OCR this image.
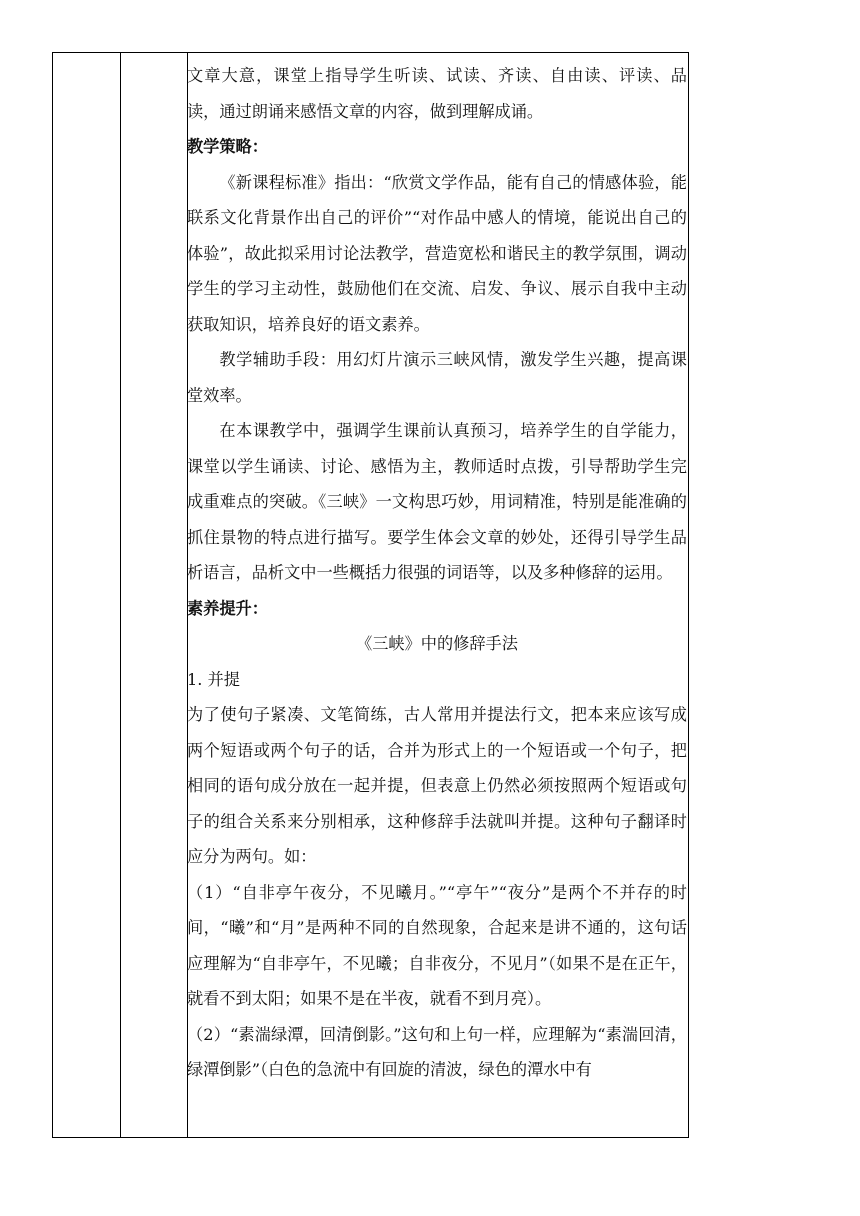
文章大意，课堂上指导学生听读、试读、齐读、自由读、评读、品读，通过朗诵来感悟文章的内容，做到理解成诵。

教学策略：

《新课程标准》指出：“欣赏文学作品，能有自己的情感体验，能联系文化背景作出自己的评价”“对作品中感人的情境，能说出自己的体验”，故此拟采用讨论法教学，营造宽松和谐民主的教学氛围，调动学生的学习主动性，鼓励他们在交流、启发、争议、展示自我中主动获取知识，培养良好的语文素养。

教学辅助手段：用幻灯片演示三峡风情，激发学生兴趣，提高课堂效率。

在本课教学中，强调学生课前认真预习，培养学生的自学能力，课堂以学生诵读、讨论、感悟为主，教师适时点拨，引导帮助学生完成重难点的突破。《三峡》一文构思巧妙，用词精准，特别是能准确的抓住景物的特点进行描写。要学生体会文章的妙处，还得引导学生品析语言，品析文中一些概括力很强的词语等，以及多种修辞的运用。

素养提升：

《三峡》中的修辞手法

1. 并提

为了使句子紧凑、文笔简练，古人常用并提法行文，把本来应该写成两个短语或两个句子的话，合并为形式上的一个短语或一个句子，把相同的语句成分放在一起并提，但表意上仍然必须按照两个短语或句子的组合关系来分别相承，这种修辞手法就叫并提。这种句子翻译时应分为两句。如：

（1）“自非亭午夜分，不见曦月。”“亭午”“夜分”是两个不并存的时间，“曦”和“月”是两种不同的自然现象，合起来是讲不通的，这句话应理解为“自非亭午，不见曦；自非夜分，不见月”（如果不是在正午，就看不到太阳；如果不是在半夜，就看不到月亮）。

（2）“素湍绿潭，回清倒影。”这句和上句一样，应理解为“素湍回清，绿潭倒影”（白色的急流中有回旋的清波，绿色的潭水中有
